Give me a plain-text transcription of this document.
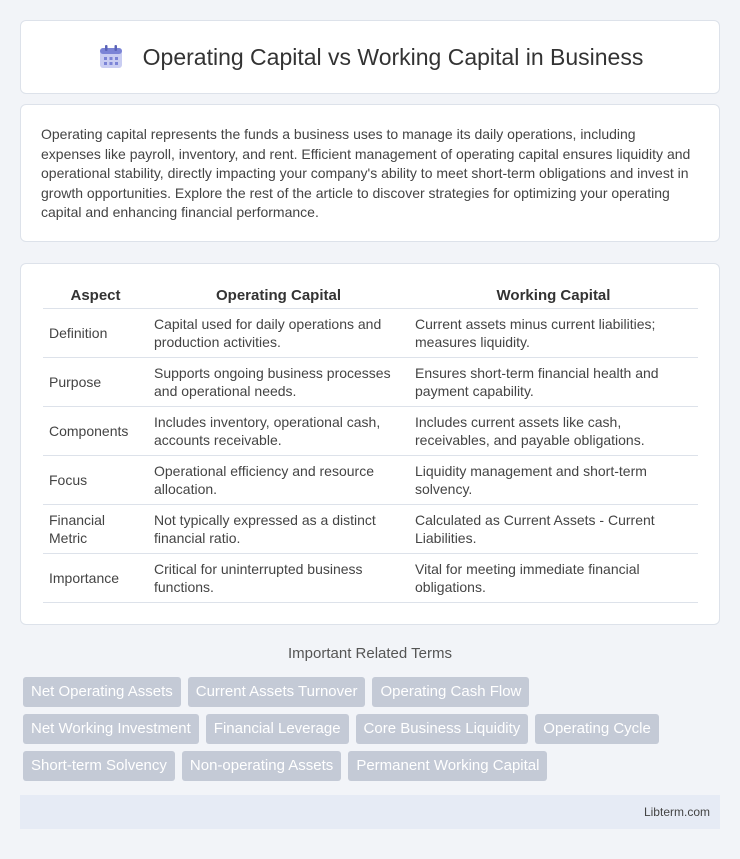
Operating Capital vs Working Capital in Business

Operating capital represents the funds a business uses to manage its daily operations, including expenses like payroll, inventory, and rent. Efficient management of operating capital ensures liquidity and operational stability, directly impacting your company's ability to meet short-term obligations and invest in growth opportunities. Explore the rest of the article to discover strategies for optimizing your operating capital and enhancing financial performance.

Aspect	Operating Capital	Working Capital
Definition	Capital used for daily operations and production activities.	Current assets minus current liabilities; measures liquidity.
Purpose	Supports ongoing business processes and operational needs.	Ensures short-term financial health and payment capability.
Components	Includes inventory, operational cash, accounts receivable.	Includes current assets like cash, receivables, and payable obligations.
Focus	Operational efficiency and resource allocation.	Liquidity management and short-term solvency.
Financial Metric	Not typically expressed as a distinct financial ratio.	Calculated as Current Assets - Current Liabilities.
Importance	Critical for uninterrupted business functions.	Vital for meeting immediate financial obligations.
Important Related Terms
Net Operating Assets	Current Assets Turnover	Operating Cash Flow
Net Working Investment	Financial Leverage	Core Business Liquidity	Operating Cycle
Short-term Solvency	Non-operating Assets	Permanent Working Capital
Libterm.com
